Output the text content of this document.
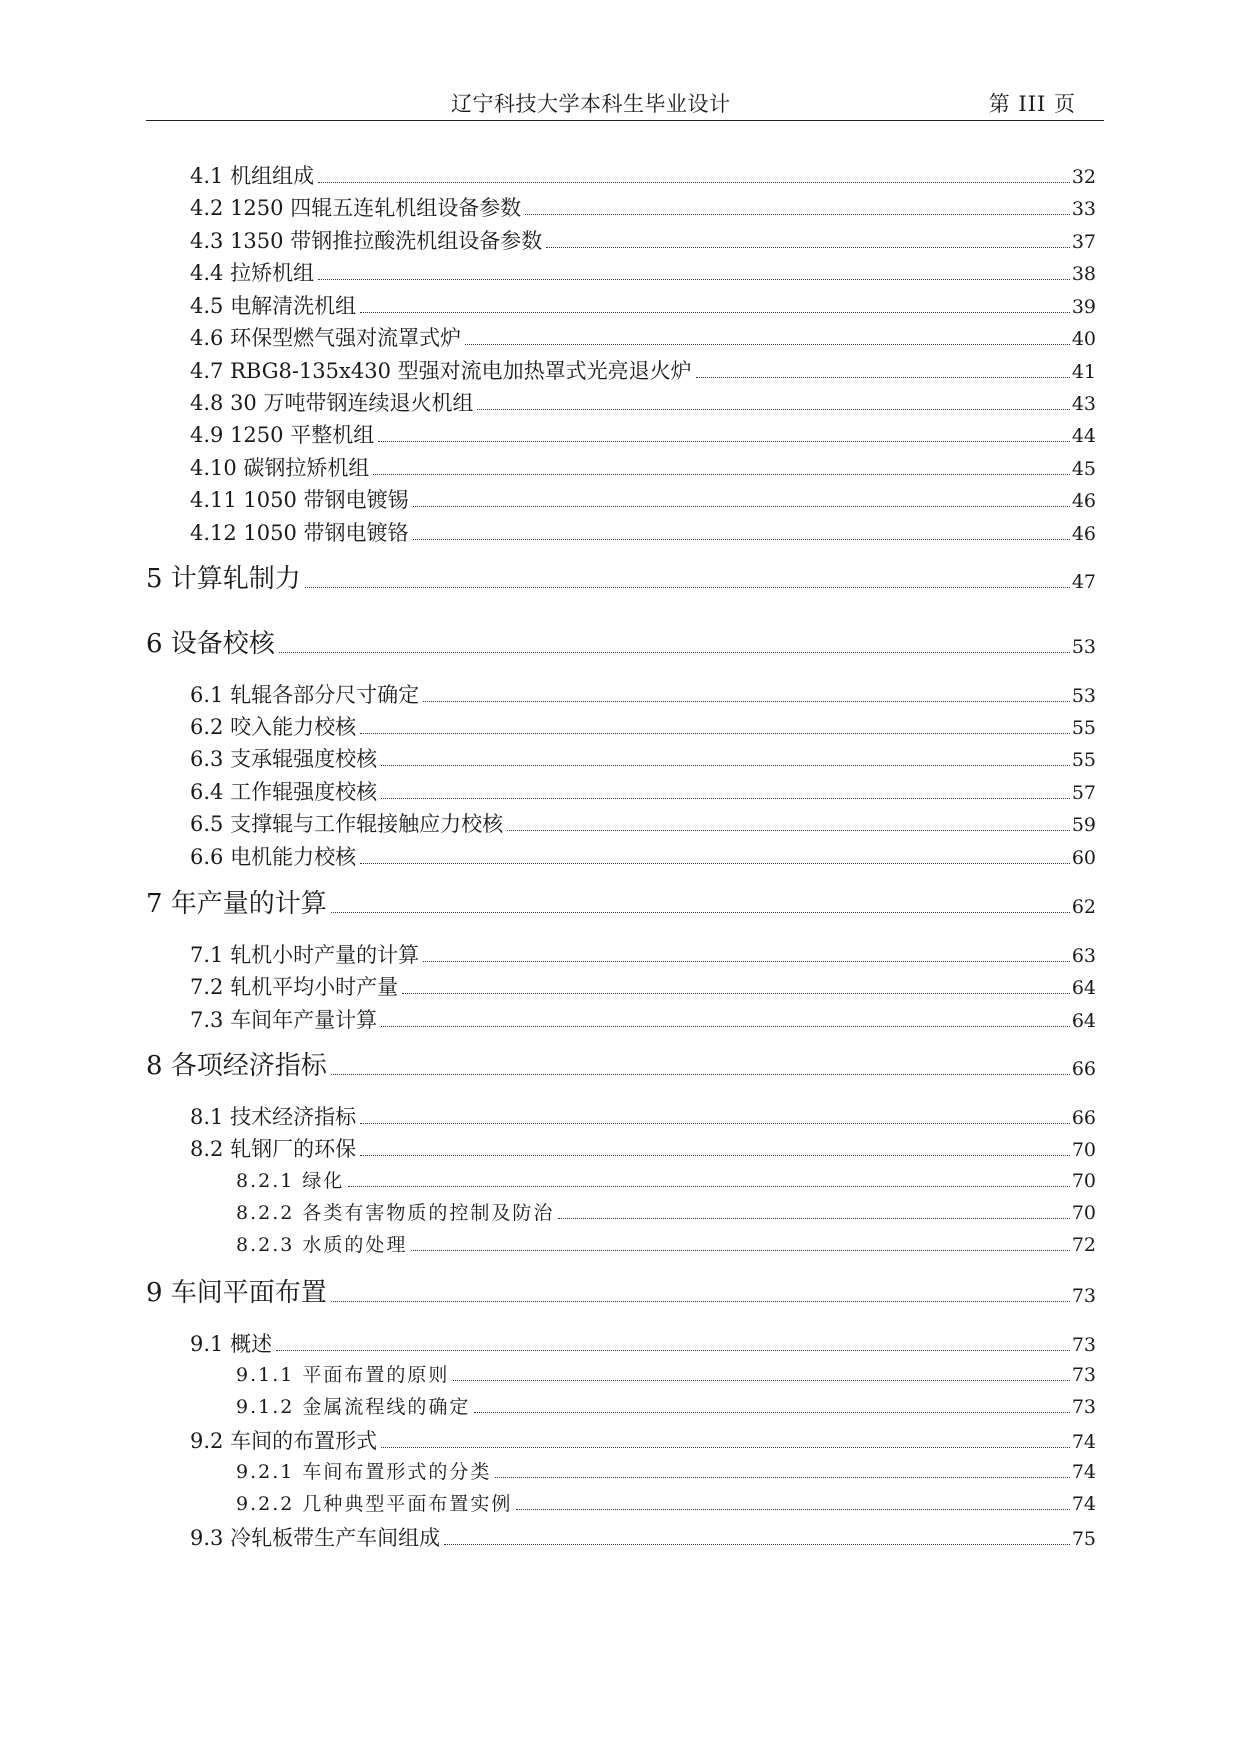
辽宁科技大学本科生毕业设计	第 III 页
4.1 机组组成	32
4.2 1250 四辊五连轧机组设备参数	33
4.3 1350 带钢推拉酸洗机组设备参数	37
4.4 拉矫机组	38
4.5 电解清洗机组	39
4.6 环保型燃气强对流罩式炉	40
4.7 RBG8-135x430 型强对流电加热罩式光亮退火炉	41
4.8 30 万吨带钢连续退火机组	43
4.9 1250 平整机组	44
4.10 碳钢拉矫机组	45
4.11 1050 带钢电镀锡	46
4.12 1050 带钢电镀铬	46
5 计算轧制力	47
6 设备校核	53
6.1 轧辊各部分尺寸确定	53
6.2 咬入能力校核	55
6.3 支承辊强度校核	55
6.4 工作辊强度校核	57
6.5 支撑辊与工作辊接触应力校核	59
6.6 电机能力校核	60
7 年产量的计算	62
7.1 轧机小时产量的计算	63
7.2 轧机平均小时产量	64
7.3 车间年产量计算	64
8 各项经济指标	66
8.1 技术经济指标	66
8.2 轧钢厂的环保	70
8.2.1 绿化	70
8.2.2 各类有害物质的控制及防治	70
8.2.3 水质的处理	72
9 车间平面布置	73
9.1 概述	73
9.1.1 平面布置的原则	73
9.1.2 金属流程线的确定	73
9.2 车间的布置形式	74
9.2.1 车间布置形式的分类	74
9.2.2 几种典型平面布置实例	74
9.3 冷轧板带生产车间组成	75
